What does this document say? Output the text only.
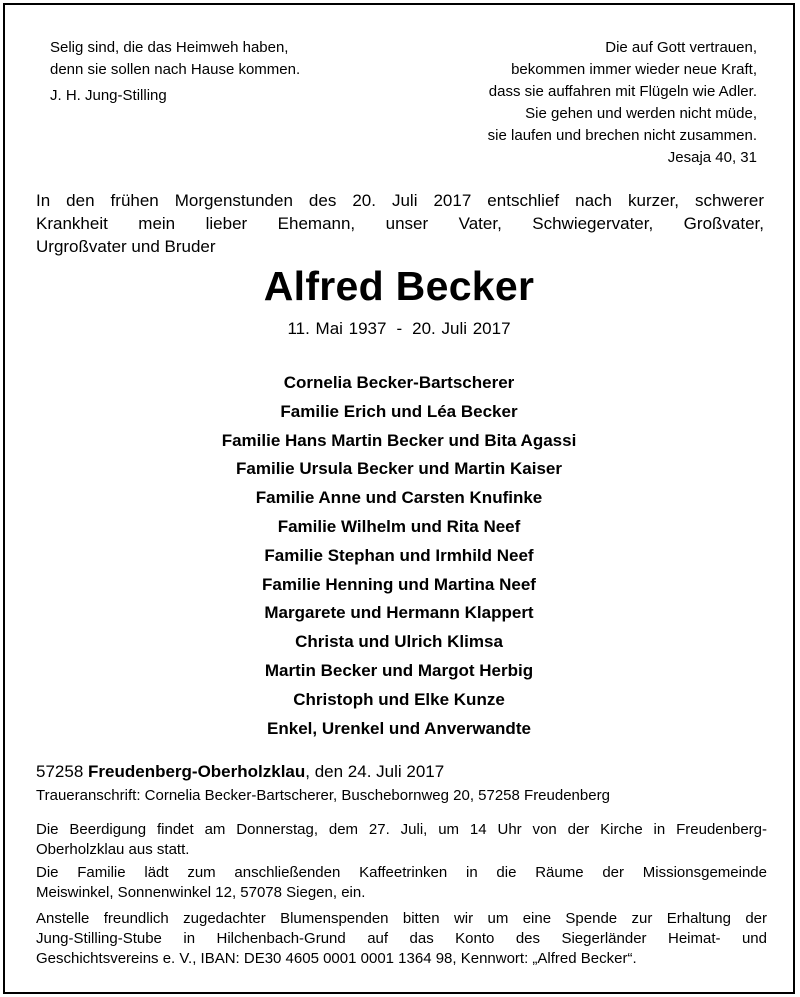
Selig sind, die das Heimweh haben,
denn sie sollen nach Hause kommen.
J. H. Jung-Stilling
Die auf Gott vertrauen,
bekommen immer wieder neue Kraft,
dass sie auffahren mit Flügeln wie Adler.
Sie gehen und werden nicht müde,
sie laufen und brechen nicht zusammen.
Jesaja 40, 31
In den frühen Morgenstunden des 20. Juli 2017 entschlief nach kurzer, schwerer
Krankheit mein lieber Ehemann, unser Vater, Schwiegervater, Großvater,
Urgroßvater und Bruder
Alfred Becker
11. Mai 1937 - 20. Juli 2017
Cornelia Becker-Bartscherer
Familie Erich und Léa Becker
Familie Hans Martin Becker und Bita Agassi
Familie Ursula Becker und Martin Kaiser
Familie Anne und Carsten Knufinke
Familie Wilhelm und Rita Neef
Familie Stephan und Irmhild Neef
Familie Henning und Martina Neef
Margarete und Hermann Klappert
Christa und Ulrich Klimsa
Martin Becker und Margot Herbig
Christoph und Elke Kunze
Enkel, Urenkel und Anverwandte
57258 Freudenberg-Oberholzklau, den 24. Juli 2017
Traueranschrift: Cornelia Becker-Bartscherer, Buschebornweg 20, 57258 Freudenberg
Die Beerdigung findet am Donnerstag, dem 27. Juli, um 14 Uhr von der Kirche in Freudenberg-
Oberholzklau aus statt.
Die Familie lädt zum anschließenden Kaffeetrinken in die Räume der Missionsgemeinde
Meiswinkel, Sonnenwinkel 12, 57078 Siegen, ein.
Anstelle freundlich zugedachter Blumenspenden bitten wir um eine Spende zur Erhaltung der
Jung-Stilling-Stube in Hilchenbach-Grund auf das Konto des Siegerländer Heimat- und
Geschichtsvereins e. V., IBAN: DE30 4605 0001 0001 1364 98, Kennwort: „Alfred Becker“.
